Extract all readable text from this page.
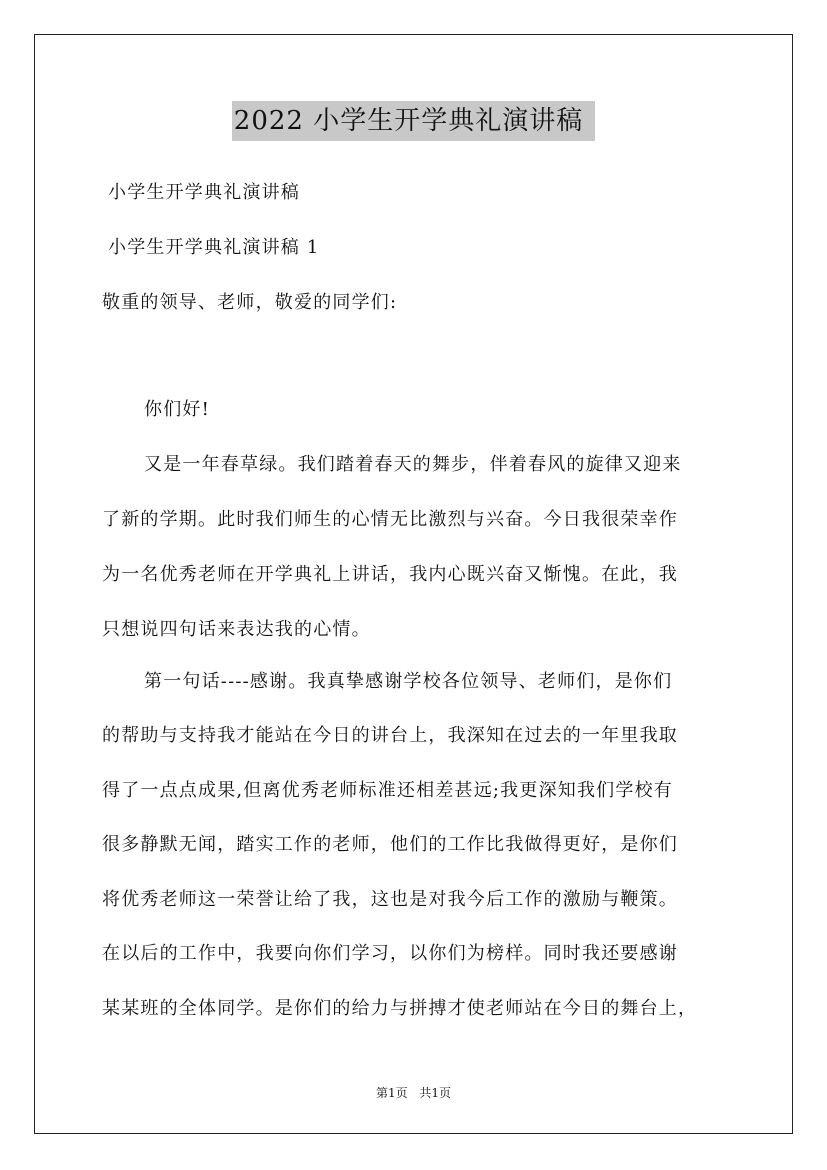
2022 小学生开学典礼演讲稿
小学生开学典礼演讲稿
小学生开学典礼演讲稿 1
敬重的领导、老师，敬爱的同学们:
你们好!
又是一年春草绿。我们踏着春天的舞步，伴着春风的旋律又迎来
了新的学期。此时我们师生的心情无比激烈与兴奋。今日我很荣幸作
为一名优秀老师在开学典礼上讲话，我内心既兴奋又惭愧。在此，我
只想说四句话来表达我的心情。
第一句话----感谢。我真挚感谢学校各位领导、老师们，是你们
的帮助与支持我才能站在今日的讲台上，我深知在过去的一年里我取
得了一点点成果,但离优秀老师标准还相差甚远;我更深知我们学校有
很多静默无闻，踏实工作的老师，他们的工作比我做得更好，是你们
将优秀老师这一荣誉让给了我，这也是对我今后工作的激励与鞭策。
在以后的工作中，我要向你们学习，以你们为榜样。同时我还要感谢
某某班的全体同学。是你们的给力与拼搏才使老师站在今日的舞台上，
第1页 共1页
